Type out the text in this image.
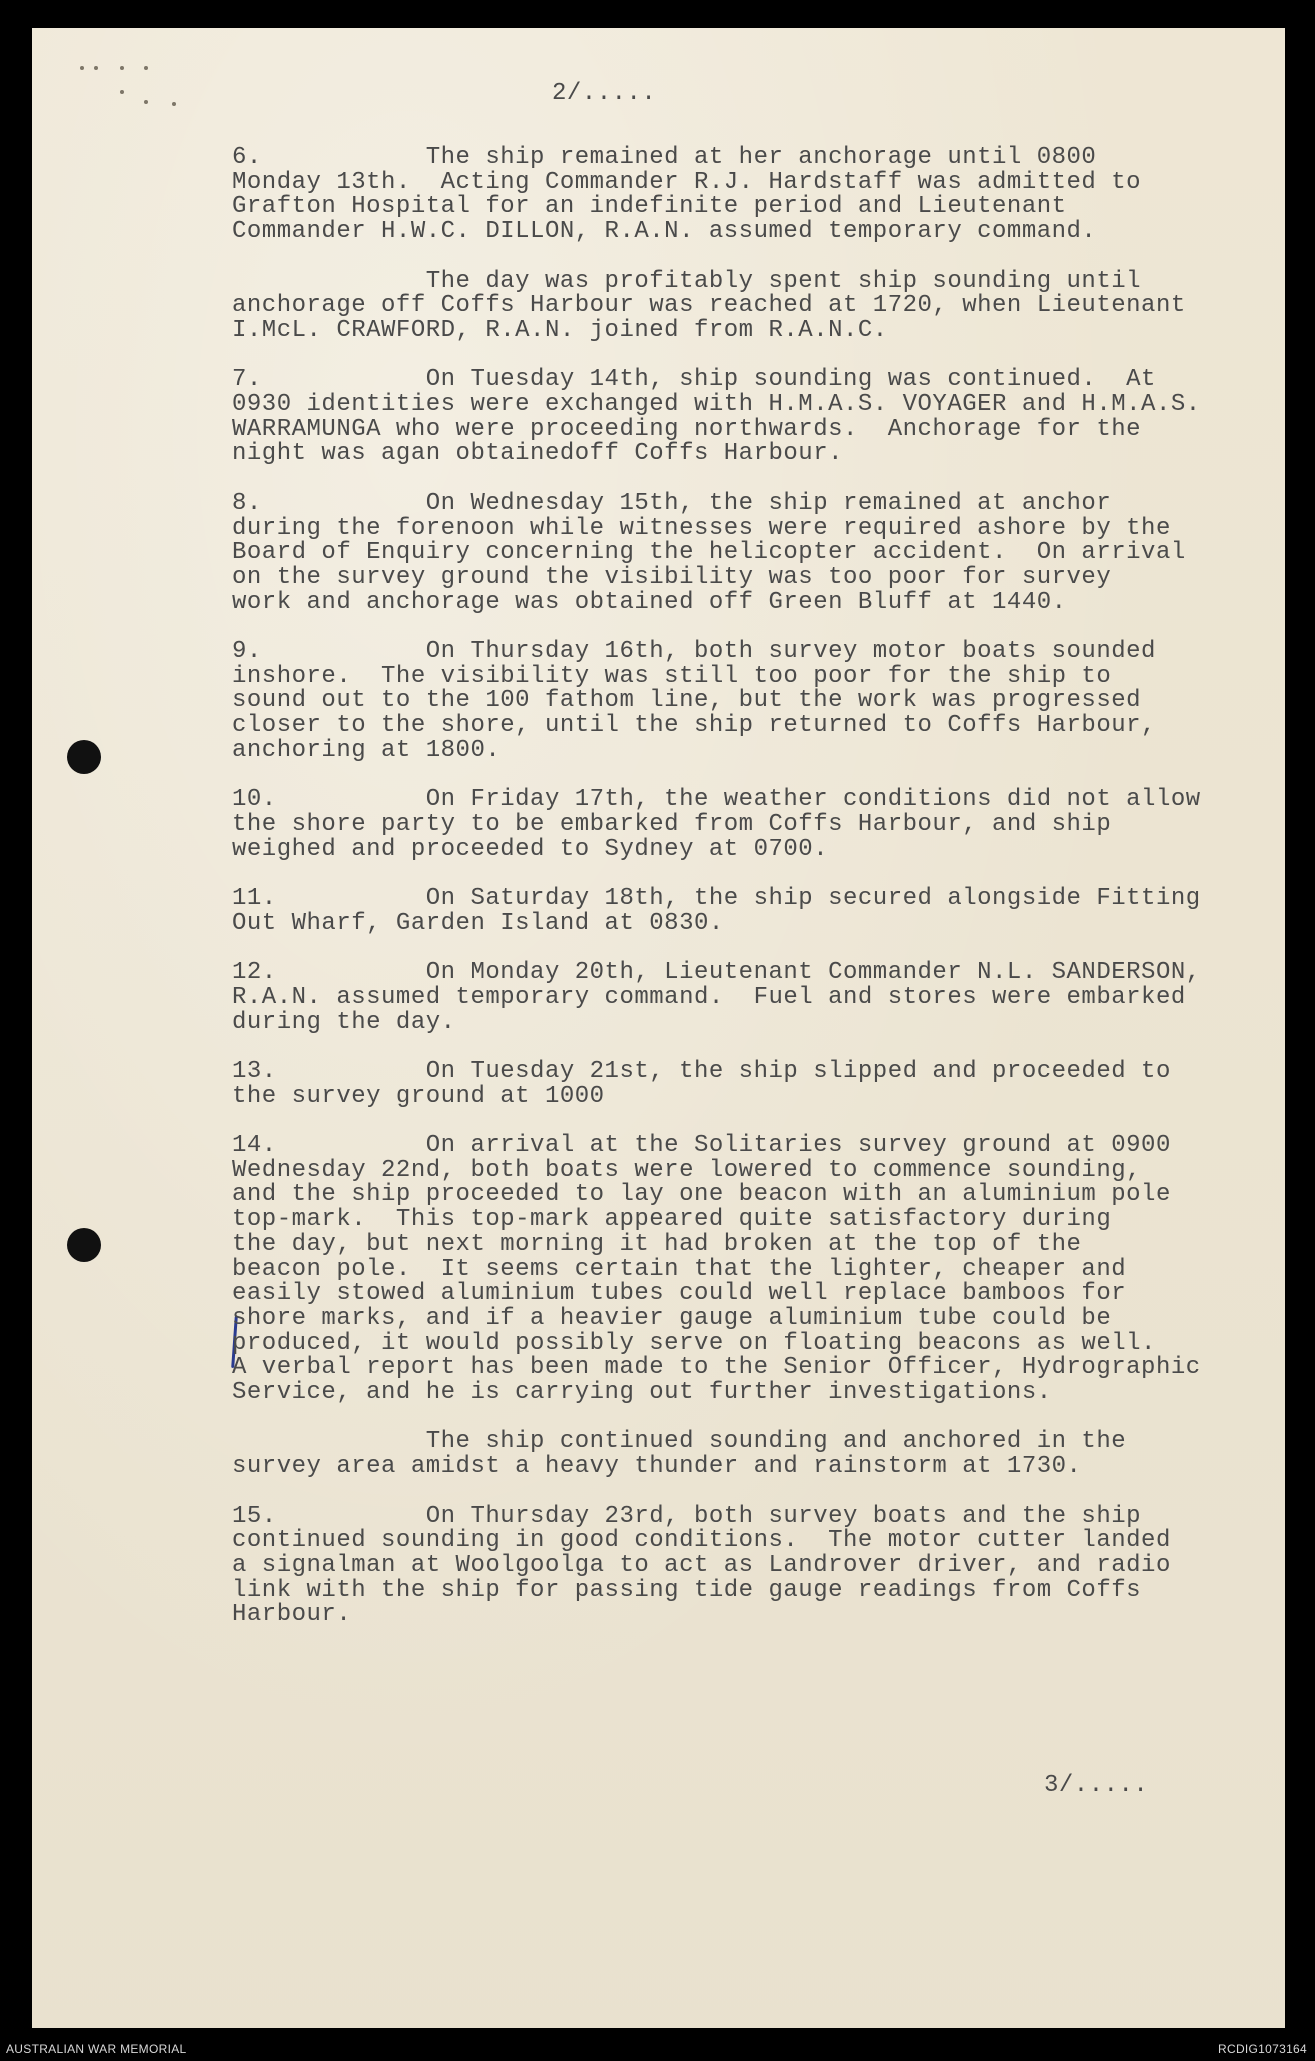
2/.....
6.           The ship remained at her anchorage until 0800
Monday 13th.  Acting Commander R.J. Hardstaff was admitted to
Grafton Hospital for an indefinite period and Lieutenant
Commander H.W.C. DILLON, R.A.N. assumed temporary command.
The day was profitably spent ship sounding until
anchorage off Coffs Harbour was reached at 1720, when Lieutenant
I.McL. CRAWFORD, R.A.N. joined from R.A.N.C.
7.           On Tuesday 14th, ship sounding was continued.  At
0930 identities were exchanged with H.M.A.S. VOYAGER and H.M.A.S.
WARRAMUNGA who were proceeding northwards.  Anchorage for the
night was agan obtainedoff Coffs Harbour.
8.           On Wednesday 15th, the ship remained at anchor
during the forenoon while witnesses were required ashore by the
Board of Enquiry concerning the helicopter accident.  On arrival
on the survey ground the visibility was too poor for survey
work and anchorage was obtained off Green Bluff at 1440.
9.           On Thursday 16th, both survey motor boats sounded
inshore.  The visibility was still too poor for the ship to
sound out to the 100 fathom line, but the work was progressed
closer to the shore, until the ship returned to Coffs Harbour,
anchoring at 1800.
10.          On Friday 17th, the weather conditions did not allow
the shore party to be embarked from Coffs Harbour, and ship
weighed and proceeded to Sydney at 0700.
11.          On Saturday 18th, the ship secured alongside Fitting
Out Wharf, Garden Island at 0830.
12.          On Monday 20th, Lieutenant Commander N.L. SANDERSON,
R.A.N. assumed temporary command.  Fuel and stores were embarked
during the day.
13.          On Tuesday 21st, the ship slipped and proceeded to
the survey ground at 1000
14.          On arrival at the Solitaries survey ground at 0900
Wednesday 22nd, both boats were lowered to commence sounding,
and the ship proceeded to lay one beacon with an aluminium pole
top-mark.  This top-mark appeared quite satisfactory during
the day, but next morning it had broken at the top of the
beacon pole.  It seems certain that the lighter, cheaper and
easily stowed aluminium tubes could well replace bamboos for
shore marks, and if a heavier gauge aluminium tube could be
produced, it would possibly serve on floating beacons as well.
A verbal report has been made to the Senior Officer, Hydrographic
Service, and he is carrying out further investigations.
The ship continued sounding and anchored in the
survey area amidst a heavy thunder and rainstorm at 1730.
15.          On Thursday 23rd, both survey boats and the ship
continued sounding in good conditions.  The motor cutter landed
a signalman at Woolgoolga to act as Landrover driver, and radio
link with the ship for passing tide gauge readings from Coffs
Harbour.
3/.....
AUSTRALIAN WAR MEMORIAL	RCDIG1073164
